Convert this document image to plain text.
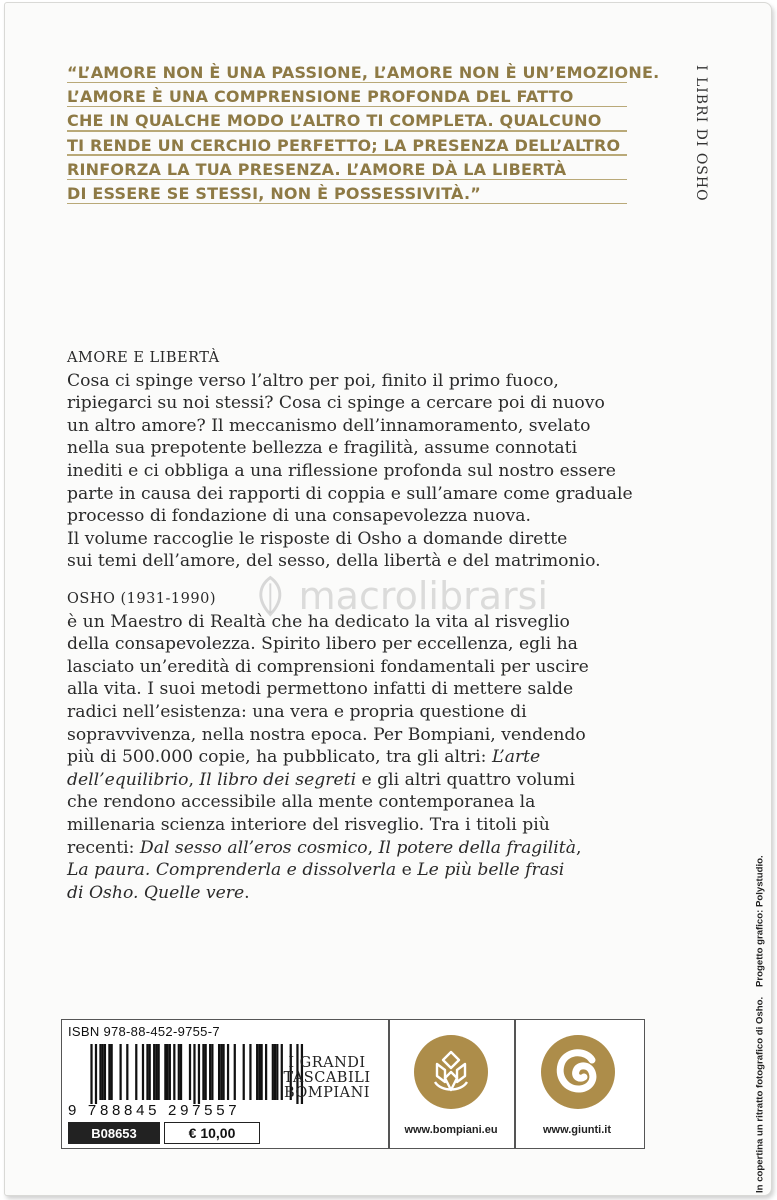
“L’AMORE NON È UNA PASSIONE, L’AMORE NON È UN’EMOZIONE.
L’AMORE È UNA COMPRENSIONE PROFONDA DEL FATTO
CHE IN QUALCHE MODO L’ALTRO TI COMPLETA. QUALCUNO
TI RENDE UN CERCHIO PERFETTO; LA PRESENZA DELL’ALTRO
RINFORZA LA TUA PRESENZA. L’AMORE DÀ LA LIBERTÀ
DI ESSERE SE STESSI, NON È POSSESSIVITÀ.”	I LIBRI DI OSHO
In copertina un ritratto fotografico di Osho.
Progetto grafico: Polystudio.
AMORE E LIBERTÀ
Cosa ci spinge verso l’altro per poi, finito il primo fuoco,
ripiegarci su noi stessi? Cosa ci spinge a cercare poi di nuovo
un altro amore? Il meccanismo dell’innamoramento, svelato
nella sua prepotente bellezza e fragilità, assume connotati
inediti e ci obbliga a una riflessione profonda sul nostro essere
parte in causa dei rapporti di coppia e sull’amare come graduale
processo di fondazione di una consapevolezza nuova.
Il volume raccoglie le risposte di Osho a domande dirette
sui temi dell’amore, del sesso, della libertà e del matrimonio.
macrolibrarsi
OSHO (1931-1990)
è un Maestro di Realtà che ha dedicato la vita al risveglio
della consapevolezza. Spirito libero per eccellenza, egli ha
lasciato un’eredità di comprensioni fondamentali per uscire
alla vita. I suoi metodi permettono infatti di mettere salde
radici nell’esistenza: una vera e propria questione di
sopravvivenza, nella nostra epoca. Per Bompiani, vendendo
più di 500.000 copie, ha pubblicato, tra gli altri: L’arte
dell’equilibrio, Il libro dei segreti e gli altri quattro volumi
che rendono accessibile alla mente contemporanea la
millenaria scienza interiore del risveglio. Tra i titoli più
recenti: Dal sesso all’eros cosmico, Il potere della fragilità,
La paura. Comprenderla e dissolverla e Le più belle frasi
di Osho. Quelle vere.
ISBN 978-88-452-9755-7
9 788845 297557
B08653	€ 10,00
I GRANDI
TASCABILI
BOMPIANI
www.bompiani.eu	www.giunti.it
